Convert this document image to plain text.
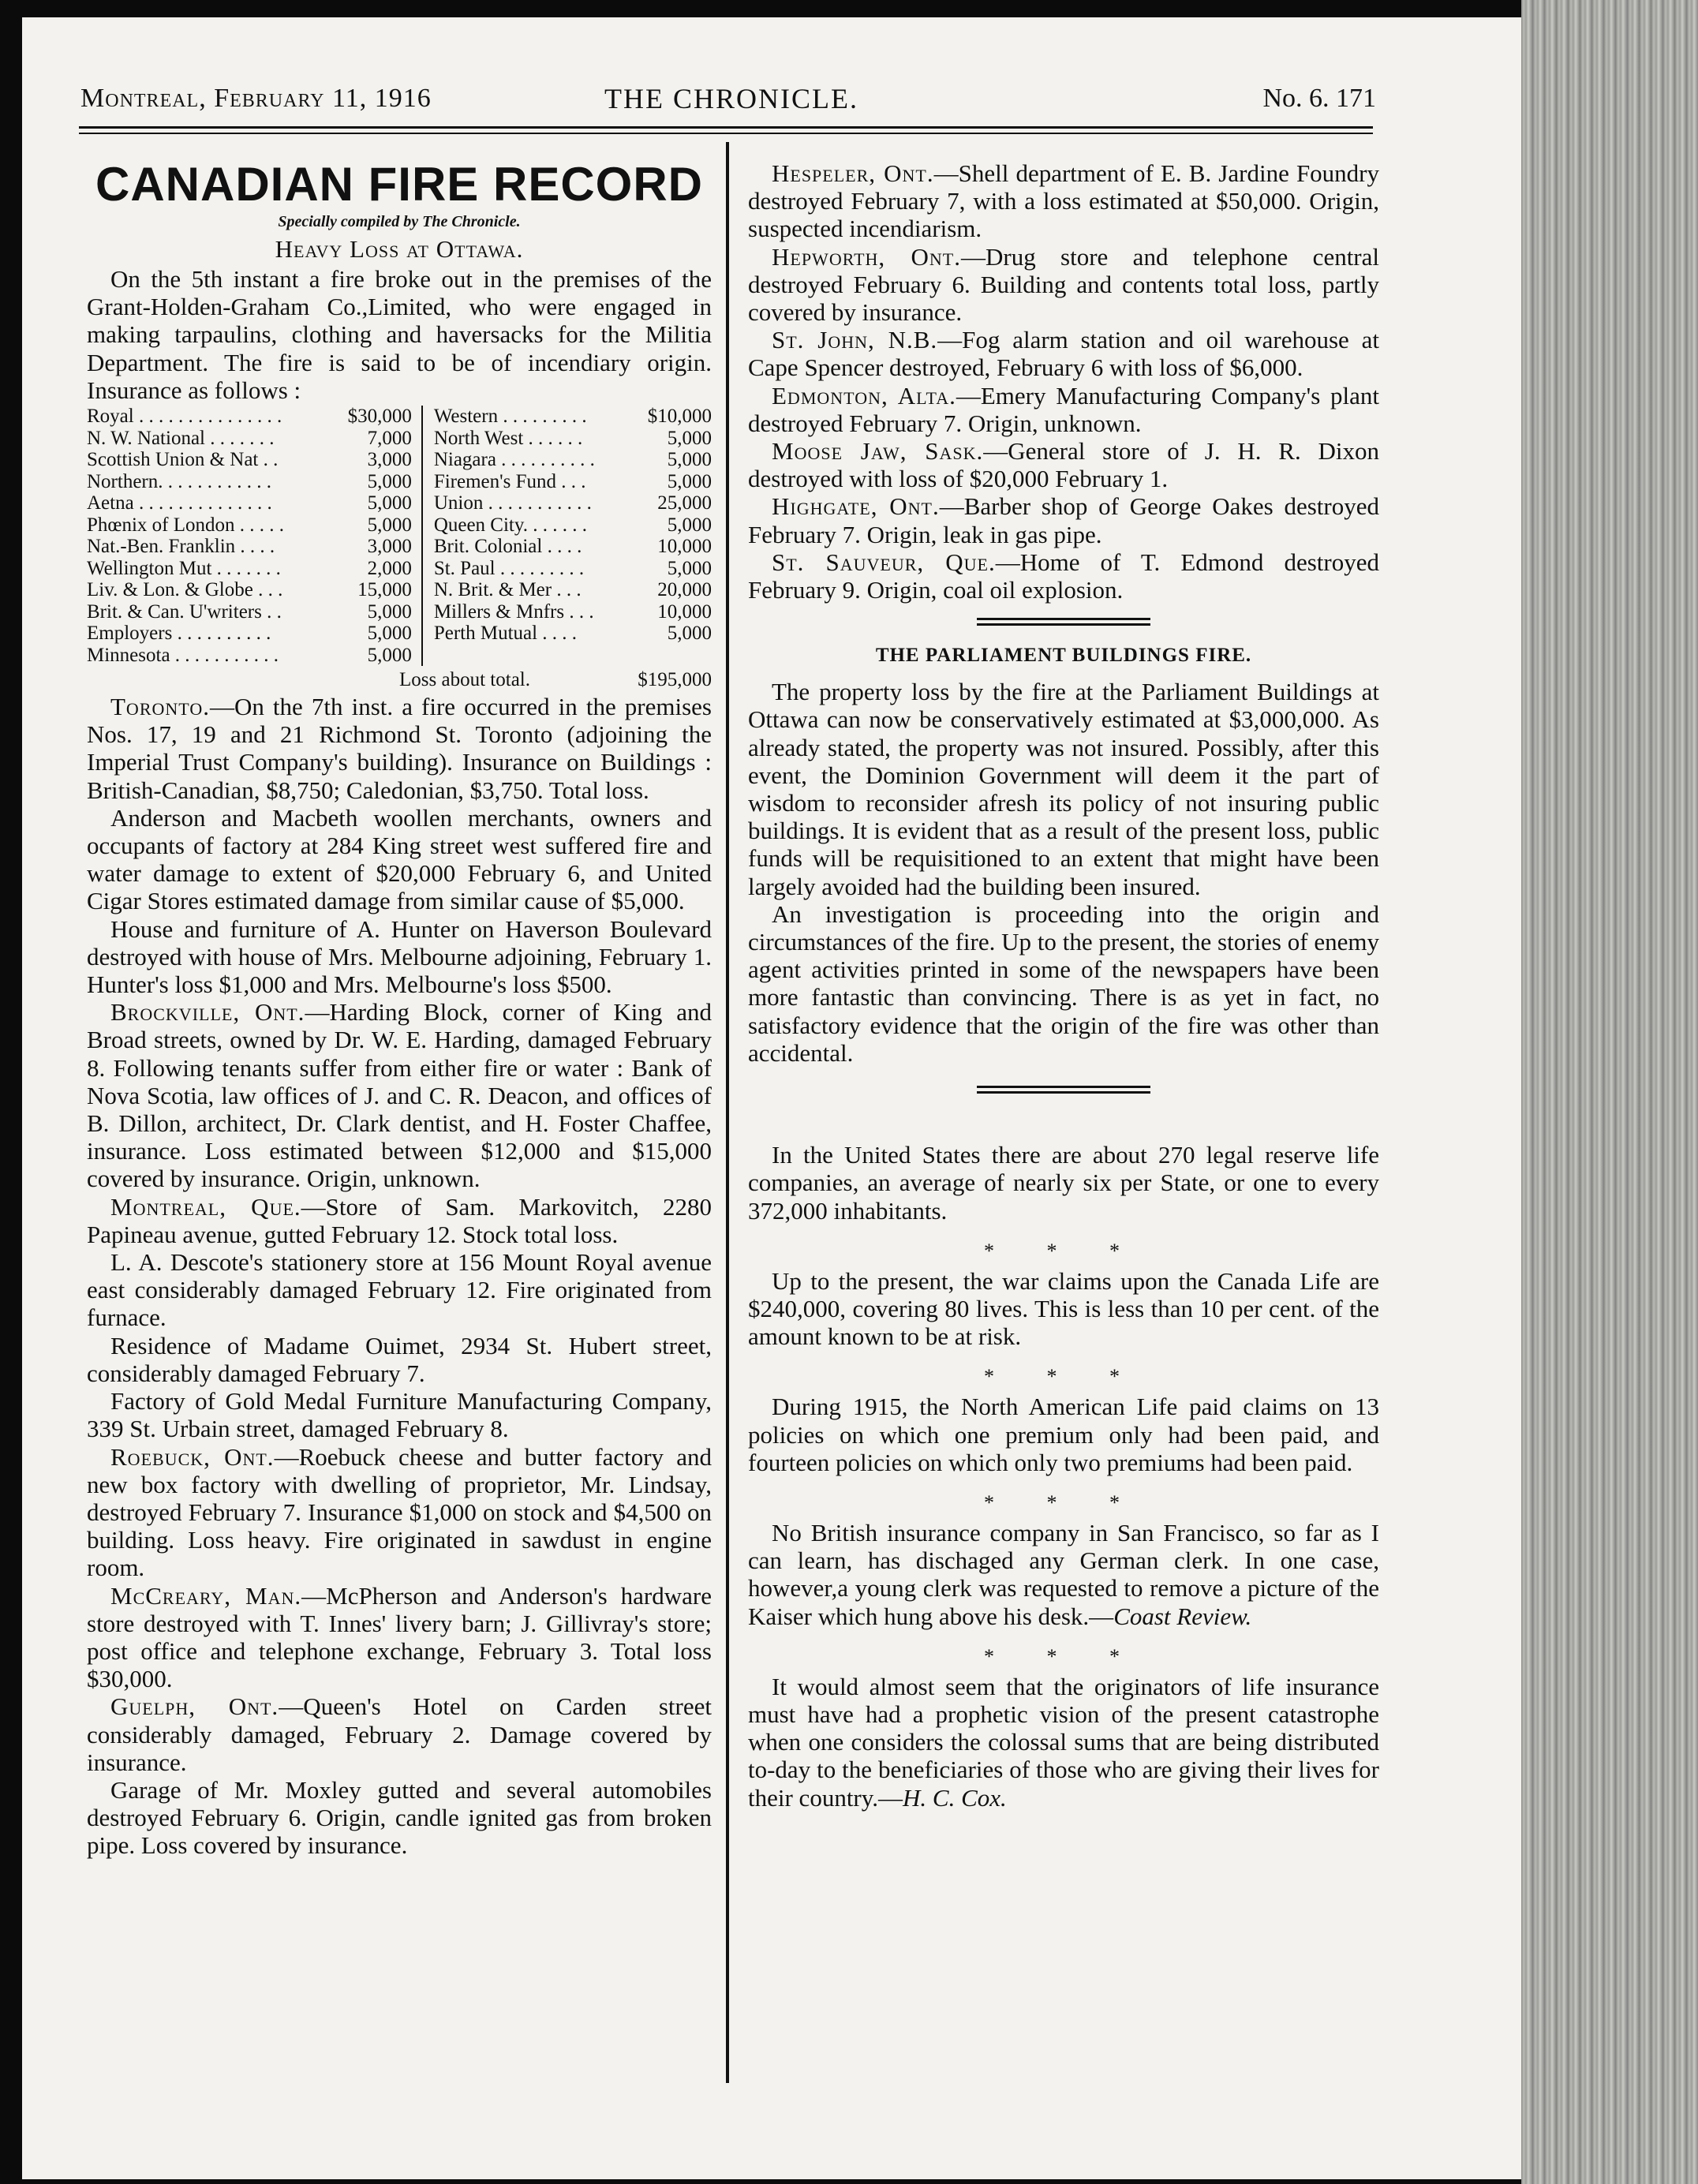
Montreal, February 11, 1916	THE CHRONICLE.	No. 6. 171
CANADIAN FIRE RECORD
Specially compiled by The Chronicle.
Heavy Loss at Ottawa.

On the 5th instant a fire broke out in the premises of the Grant-Holden-Graham Co.,Limited, who were engaged in making tarpaulins, clothing and haversacks for the Militia Department. The fire is said to be of incendiary origin. Insurance as follows :

Royal . . . . . . . . . . . . . . .	$30,000		Western . . . . . . . . .	$10,000
N. W. National . . . . . . .	7,000		North West . . . . . .	5,000
Scottish Union & Nat . .	3,000		Niagara . . . . . . . . . .	5,000
Northern. . . . . . . . . . . .	5,000		Firemen's Fund . . .	5,000
Aetna . . . . . . . . . . . . . .	5,000		Union . . . . . . . . . . .	25,000
Phœnix of London . . . . .	5,000		Queen City. . . . . . .	5,000
Nat.-Ben. Franklin . . . .	3,000		Brit. Colonial . . . .	10,000
Wellington Mut . . . . . . .	2,000		St. Paul . . . . . . . . .	5,000
Liv. & Lon. & Globe . . .	15,000		N. Brit. & Mer . . .	20,000
Brit. & Can. U'writers . .	5,000		Millers & Mnfrs . . .	10,000
Employers . . . . . . . . . .	5,000		Perth Mutual . . . .	5,000
Minnesota . . . . . . . . . . .	5,000			
Loss about total.	$195,000

Toronto.—On the 7th inst. a fire occurred in the premises Nos. 17, 19 and 21 Richmond St. Toronto (adjoining the Imperial Trust Company's building). Insurance on Buildings : British-Canadian, $8,750; Caledonian, $3,750. Total loss.

Anderson and Macbeth woollen merchants, owners and occupants of factory at 284 King street west suffered fire and water damage to extent of $20,000 February 6, and United Cigar Stores estimated damage from similar cause of $5,000.

House and furniture of A. Hunter on Haverson Boulevard destroyed with house of Mrs. Melbourne adjoining, February 1. Hunter's loss $1,000 and Mrs. Melbourne's loss $500.

Brockville, Ont.—Harding Block, corner of King and Broad streets, owned by Dr. W. E. Harding, damaged February 8. Following tenants suffer from either fire or water : Bank of Nova Scotia, law offices of J. and C. R. Deacon, and offices of B. Dillon, architect, Dr. Clark dentist, and H. Foster Chaffee, insurance. Loss estimated between $12,000 and $15,000 covered by insurance. Origin, unknown.

Montreal, Que.—Store of Sam. Markovitch, 2280 Papineau avenue, gutted February 12. Stock total loss.

L. A. Descote's stationery store at 156 Mount Royal avenue east considerably damaged February 12. Fire originated from furnace.

Residence of Madame Ouimet, 2934 St. Hubert street, considerably damaged February 7.

Factory of Gold Medal Furniture Manufacturing Company, 339 St. Urbain street, damaged February 8.

Roebuck, Ont.—Roebuck cheese and butter factory and new box factory with dwelling of proprietor, Mr. Lindsay, destroyed February 7. Insurance $1,000 on stock and $4,500 on building. Loss heavy. Fire originated in sawdust in engine room.

McCreary, Man.—McPherson and Anderson's hardware store destroyed with T. Innes' livery barn; J. Gillivray's store; post office and telephone exchange, February 3. Total loss $30,000.

Guelph, Ont.—Queen's Hotel on Carden street considerably damaged, February 2. Damage covered by insurance.

Garage of Mr. Moxley gutted and several automobiles destroyed February 6. Origin, candle ignited gas from broken pipe. Loss covered by insurance.

Hespeler, Ont.—Shell department of E. B. Jardine Foundry destroyed February 7, with a loss estimated at $50,000. Origin, suspected incendiarism.

Hepworth, Ont.—Drug store and telephone central destroyed February 6. Building and contents total loss, partly covered by insurance.

St. John, N.B.—Fog alarm station and oil warehouse at Cape Spencer destroyed, February 6 with loss of $6,000.

Edmonton, Alta.—Emery Manufacturing Company's plant destroyed February 7. Origin, unknown.

Moose Jaw, Sask.—General store of J. H. R. Dixon destroyed with loss of $20,000 February 1.

Highgate, Ont.—Barber shop of George Oakes destroyed February 7. Origin, leak in gas pipe.

St. Sauveur, Que.—Home of T. Edmond destroyed February 9. Origin, coal oil explosion.

THE PARLIAMENT BUILDINGS FIRE.

The property loss by the fire at the Parliament Buildings at Ottawa can now be conservatively estimated at $3,000,000. As already stated, the property was not insured. Possibly, after this event, the Dominion Government will deem it the part of wisdom to reconsider afresh its policy of not insuring public buildings. It is evident that as a result of the present loss, public funds will be requisitioned to an extent that might have been largely avoided had the building been insured.

An investigation is proceeding into the origin and circumstances of the fire. Up to the present, the stories of enemy agent activities printed in some of the newspapers have been more fantastic than convincing. There is as yet in fact, no satisfactory evidence that the origin of the fire was other than accidental.

In the United States there are about 270 legal reserve life companies, an average of nearly six per State, or one to every 372,000 inhabitants.

* * *

Up to the present, the war claims upon the Canada Life are $240,000, covering 80 lives. This is less than 10 per cent. of the amount known to be at risk.

* * *

During 1915, the North American Life paid claims on 13 policies on which one premium only had been paid, and fourteen policies on which only two premiums had been paid.

* * *

No British insurance company in San Francisco, so far as I can learn, has dischaged any German clerk. In one case, however,a young clerk was requested to remove a picture of the Kaiser which hung above his desk.—Coast Review.

* * *

It would almost seem that the originators of life insurance must have had a prophetic vision of the present catastrophe when one considers the colossal sums that are being distributed to-day to the beneficiaries of those who are giving their lives for their country.—H. C. Cox.
